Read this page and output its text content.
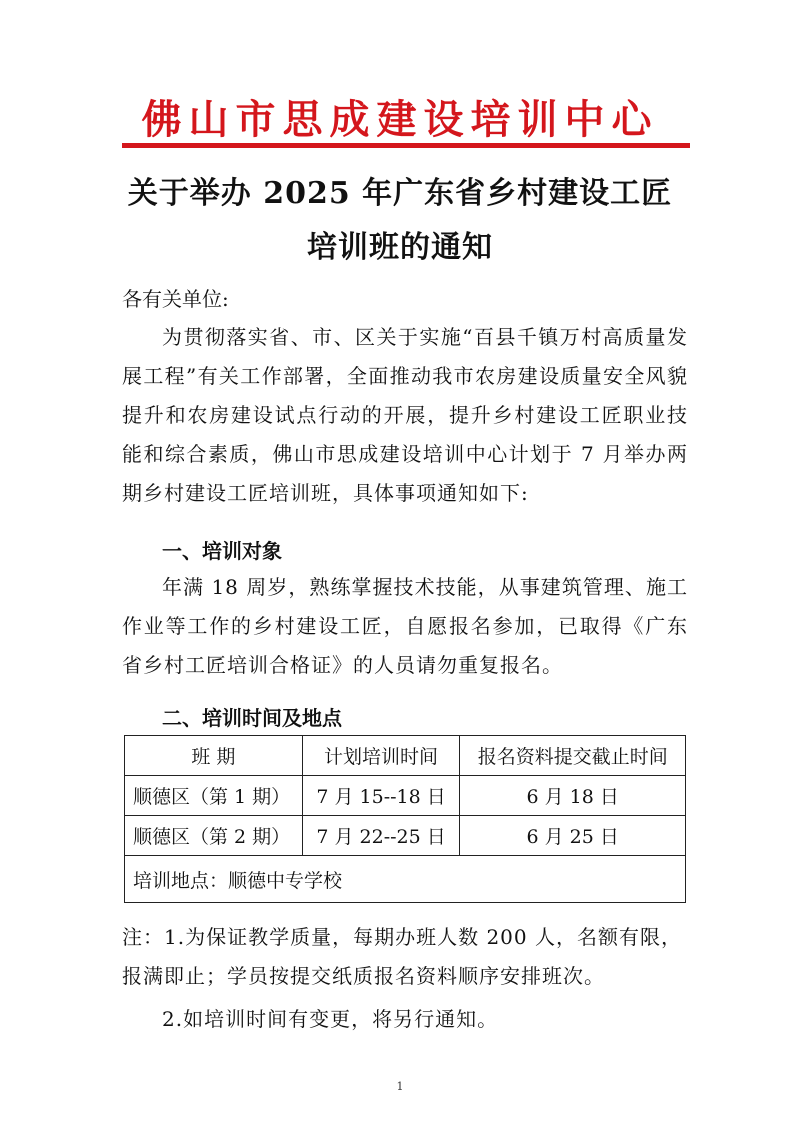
佛山市思成建设培训中心
关于举办 2025 年广东省乡村建设工匠
培训班的通知
各有关单位:
为贯彻落实省、市、区关于实施“百县千镇万村高质量发展工程”有关工作部署，全面推动我市农房建设质量安全风貌提升和农房建设试点行动的开展，提升乡村建设工匠职业技能和综合素质，佛山市思成建设培训中心计划于 7 月举办两期乡村建设工匠培训班，具体事项通知如下:
一、培训对象
年满 18 周岁，熟练掌握技术技能，从事建筑管理、施工作业等工作的乡村建设工匠，自愿报名参加，已取得《广东省乡村工匠培训合格证》的人员请勿重复报名。
二、培训时间及地点
班 期	计划培训时间	报名资料提交截止时间
顺德区（第 1 期）	7 月 15--18 日	6 月 18 日
顺德区（第 2 期）	7 月 22--25 日	6 月 25 日
培训地点：顺德中专学校		
注：1.为保证教学质量，每期办班人数 200 人，名额有限，
报满即止；学员按提交纸质报名资料顺序安排班次。
2.如培训时间有变更，将另行通知。
1
